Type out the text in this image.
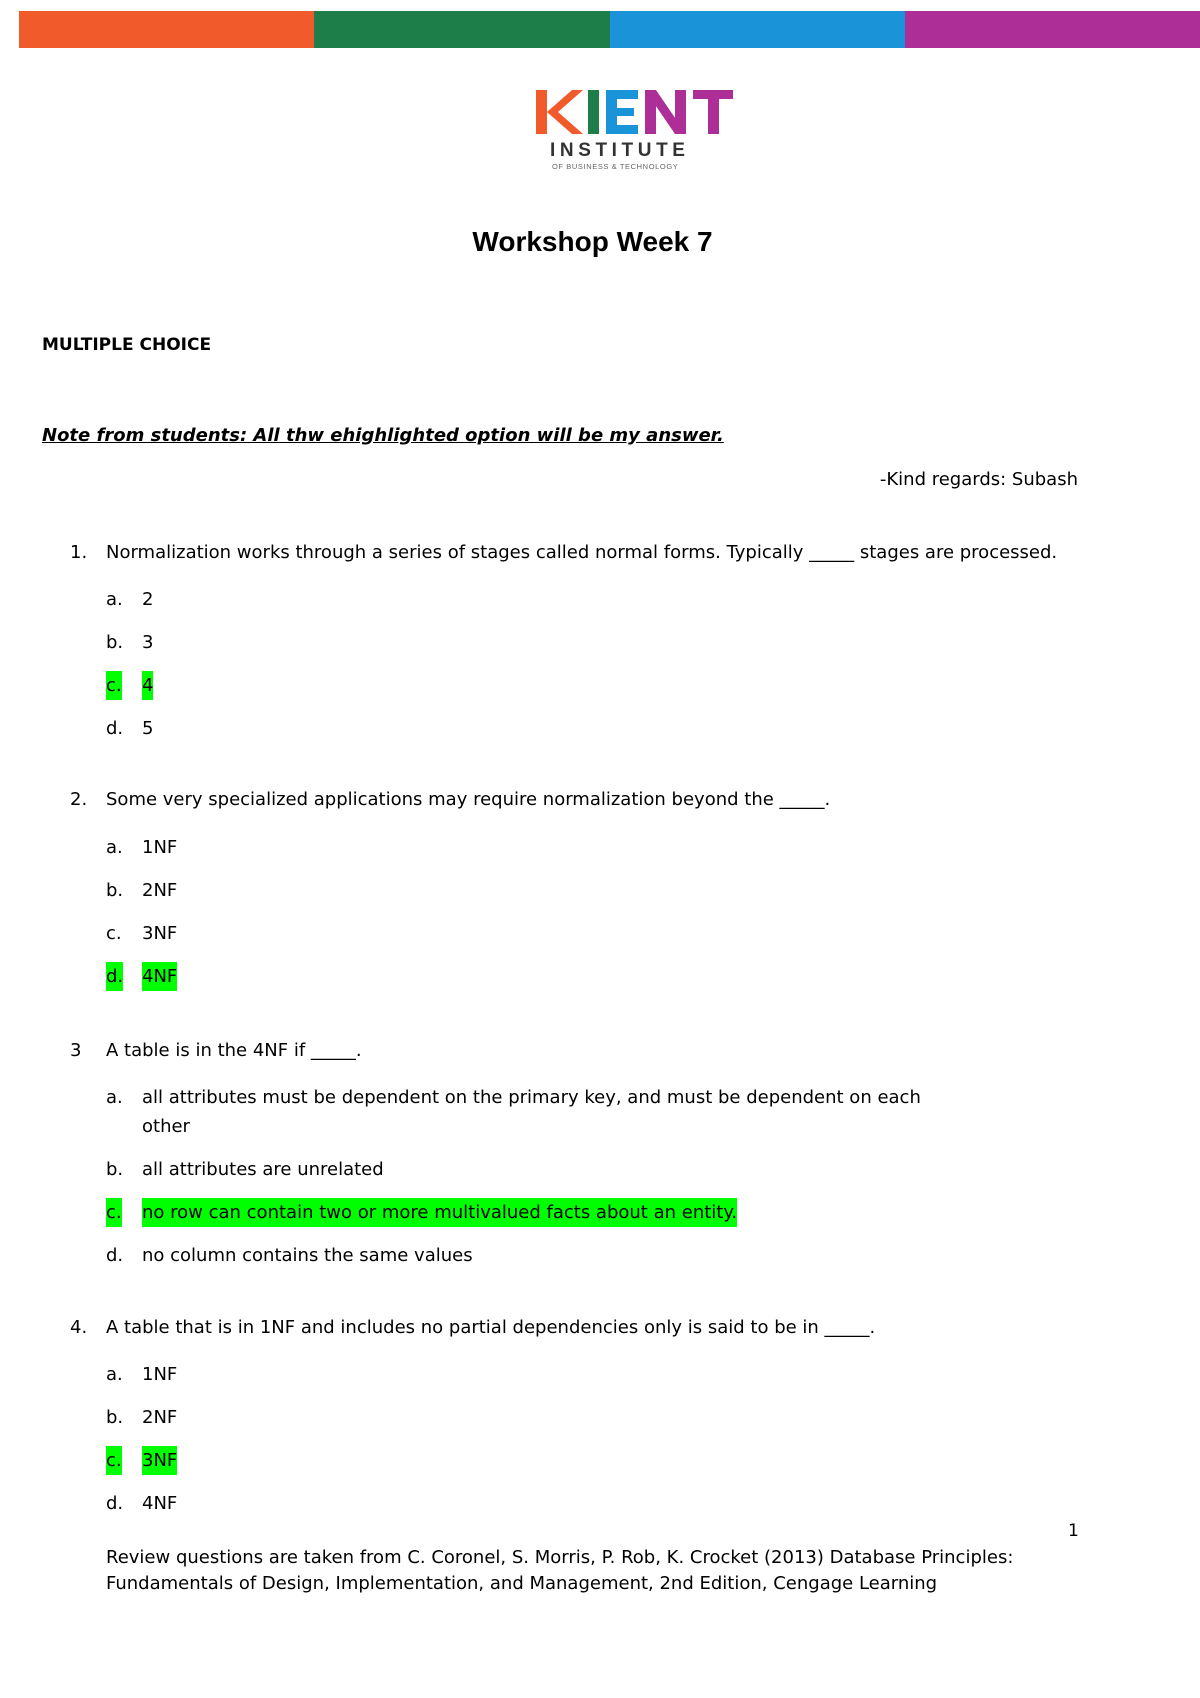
INSTITUTE
OF BUSINESS & TECHNOLOGY
Workshop Week 7
MULTIPLE CHOICE
Note from students: All thw ehighlighted option will be my answer.
-Kind regards: Subash
1. Normalization works through a series of stages called normal forms. Typically _____ stages are processed.
a. 2
b. 3
c. 4
d. 5
2. Some very specialized applications may require normalization beyond the _____.
a. 1NF
b. 2NF
c. 3NF
d. 4NF
3 A table is in the 4NF if _____.
a. all attributes must be dependent on the primary key, and must be dependent on each other
b. all attributes are unrelated
c. no row can contain two or more multivalued facts about an entity.
d. no column contains the same values
4. A table that is in 1NF and includes no partial dependencies only is said to be in _____.
a. 1NF
b. 2NF
c. 3NF
d. 4NF
1
Review questions are taken from C. Coronel, S. Morris, P. Rob, K. Crocket (2013) Database Principles:
Fundamentals of Design, Implementation, and Management, 2nd Edition, Cengage Learning
